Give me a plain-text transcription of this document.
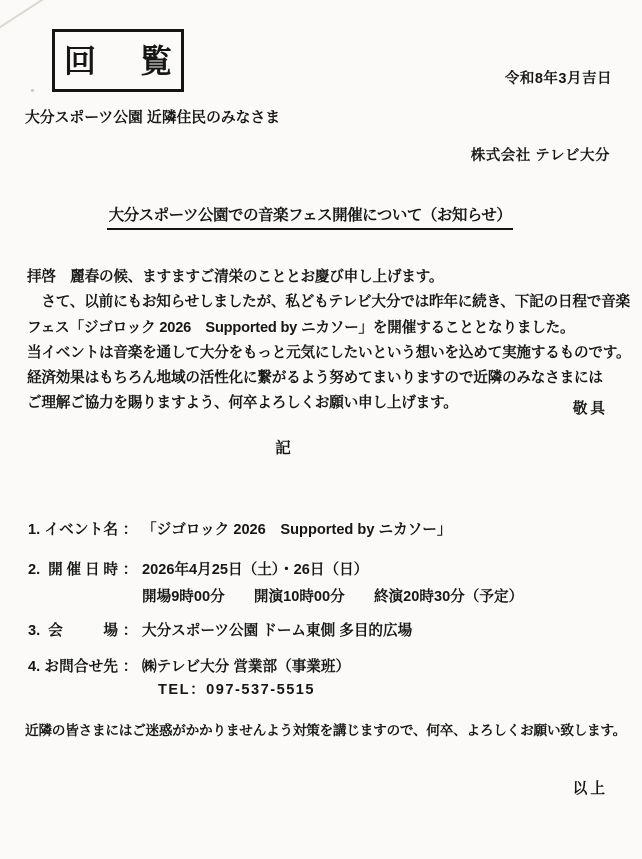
回　覧
令和8年3月吉日
大分スポーツ公園 近隣住民のみなさま
株式会社 テレビ大分
大分スポーツ公園での音楽フェス開催について（お知らせ）
拝啓　麗春の候、ますますご清栄のこととお慶び申し上げます。
　さて、以前にもお知らせしましたが、私どもテレビ大分では昨年に続き、下記の日程で音楽
フェス「ジゴロック 2026　Supported by ニカソー」を開催することとなりました。
当イベントは音楽を通して大分をもっと元気にしたいという想いを込めて実施するものです。
経済効果はもちろん地域の活性化に繋がるよう努めてまいりますので近隣のみなさまには
ご理解ご協力を賜りますよう、何卒よろしくお願い申し上げます。	敬具
記
1. イベント名 ： 「ジゴロック 2026　Supported by ニカソー」
2. 開催日時 ： 2026年4月25日（土）・26日（日）
開場9時00分　　開演10時00分　　終演20時30分（予定）
3. 会　　場 ： 大分スポーツ公園 ドーム東側 多目的広場
4. お問合せ先 ： ㈱テレビ大分 営業部（事業班）
TEL：097-537-5515
近隣の皆さまにはご迷惑がかかりませんよう対策を講じますので、何卒、よろしくお願い致します。
以上
